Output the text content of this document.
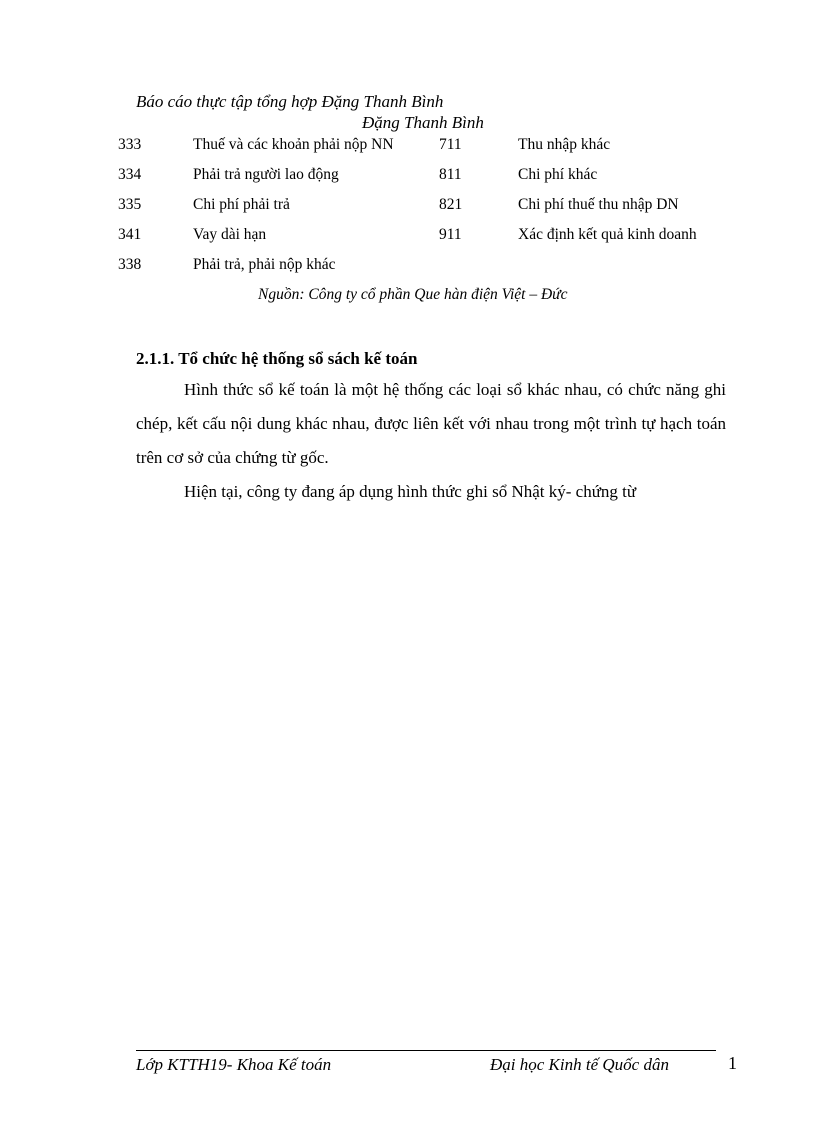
Báo cáo thực tập tổng hợp Đặng Thanh Bình
Đặng Thanh Bình
333	Thuế và các khoản phải nộp NN	711	Thu nhập khác
334	Phải trả người lao động	811	Chi phí khác
335	Chi phí phải trả	821	Chi phí thuế thu nhập DN
341	Vay dài hạn	911	Xác định kết quả kinh doanh
338	Phải trả, phải nộp khác
Nguồn: Công ty cổ phần Que hàn điện Việt – Đức
2.1.1. Tổ chức hệ thống sổ sách kế toán
Hình thức sổ kế toán là một hệ thống các loại sổ khác nhau, có chức năng ghi chép, kết cấu nội dung khác nhau, được liên kết với nhau trong một trình tự hạch toán trên cơ sở của chứng từ gốc.
Hiện tại, công ty đang áp dụng hình thức ghi sổ Nhật ký- chứng từ
Lớp KTTH19- Khoa Kế toán	Đại học Kinh tế Quốc dân	1
